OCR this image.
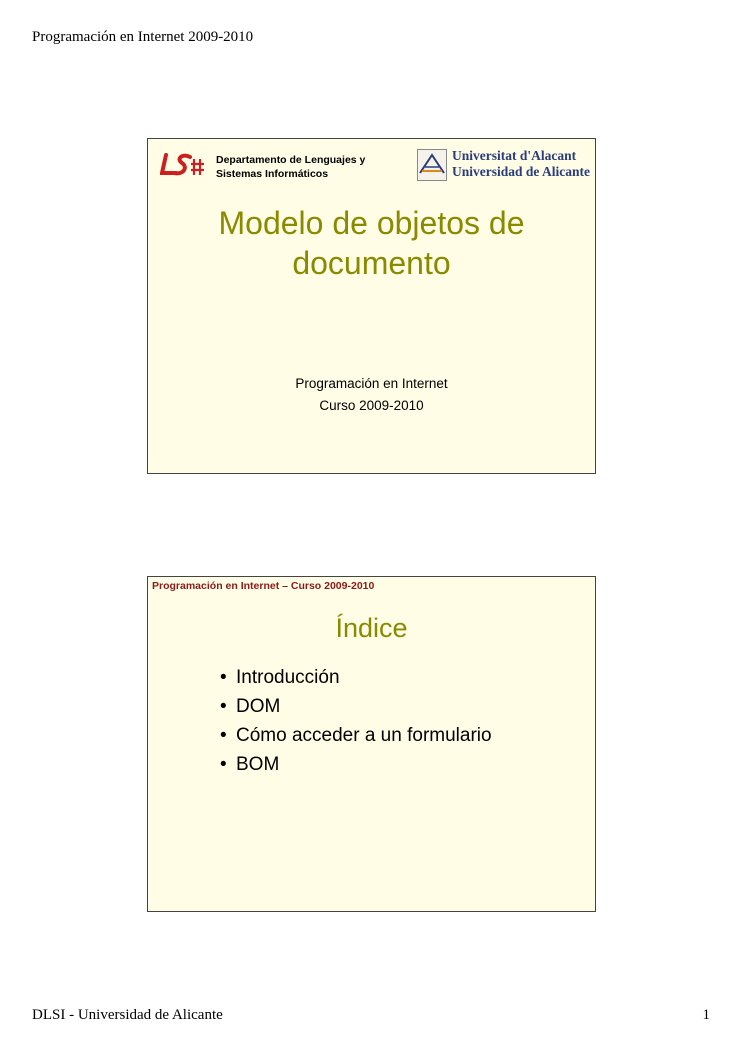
Programación en Internet 2009-2010
Departamento de Lenguajes y
Sistemas Informáticos
Universitat d'Alacant
Universidad de Alicante
Modelo de objetos de
documento
Programación en Internet
Curso 2009-2010
Programación en Internet – Curso 2009-2010
Índice
• Introducción
• DOM
• Cómo acceder a un formulario
• BOM
DLSI - Universidad de Alicante	1
